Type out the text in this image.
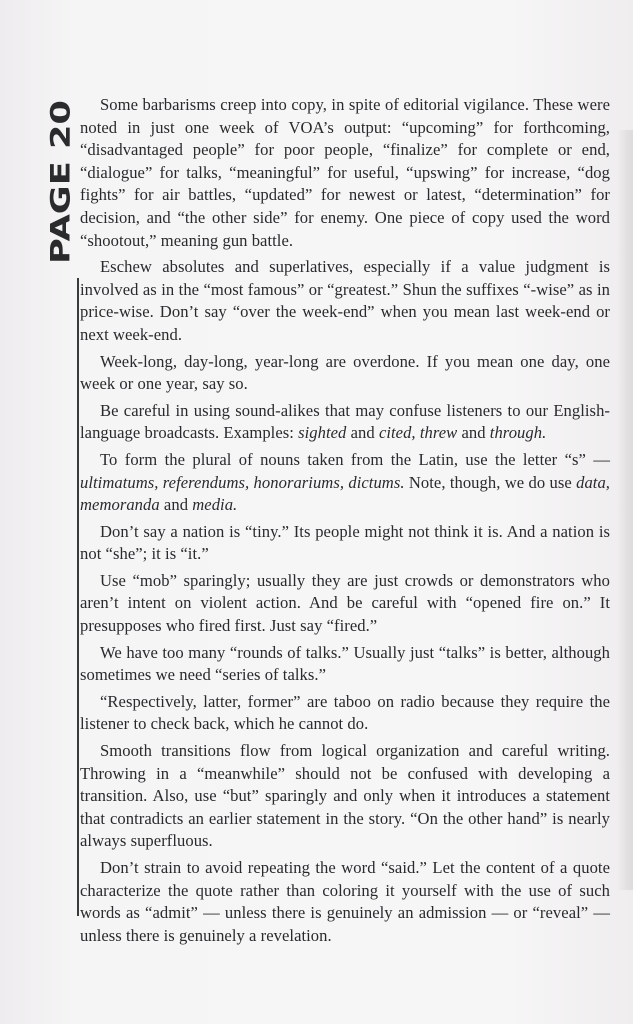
PAGE 20

Some barbarisms creep into copy, in spite of editorial vigilance. These were noted in just one week of VOA’s output: “upcoming” for forthcoming, “disadvantaged people” for poor people, “finalize” for complete or end, “dialogue” for talks, “meaningful” for useful, “upswing” for increase, “dog fights” for air battles, “updated” for newest or latest, “determination” for decision, and “the other side” for enemy. One piece of copy used the word “shootout,” meaning gun battle.

Eschew absolutes and superlatives, especially if a value judgment is involved as in the “most famous” or “greatest.” Shun the suffixes “-wise” as in price-wise. Don’t say “over the week-end” when you mean last week-end or next week-end.

Week-long, day-long, year-long are overdone. If you mean one day, one week or one year, say so.

Be careful in using sound-alikes that may confuse listeners to our English-language broadcasts. Examples: sighted and cited, threw and through.

To form the plural of nouns taken from the Latin, use the letter “s” — ultimatums, referendums, honorariums, dictums. Note, though, we do use data, memoranda and media.

Don’t say a nation is “tiny.” Its people might not think it is. And a nation is not “she”; it is “it.”

Use “mob” sparingly; usually they are just crowds or demonstrators who aren’t intent on violent action. And be careful with “opened fire on.” It presupposes who fired first. Just say “fired.”

We have too many “rounds of talks.” Usually just “talks” is better, although sometimes we need “series of talks.”

“Respectively, latter, former” are taboo on radio because they require the listener to check back, which he cannot do.

Smooth transitions flow from logical organization and careful writing. Throwing in a “meanwhile” should not be confused with developing a transition. Also, use “but” sparingly and only when it introduces a statement that contradicts an earlier statement in the story. “On the other hand” is nearly always superfluous.

Don’t strain to avoid repeating the word “said.” Let the content of a quote characterize the quote rather than coloring it yourself with the use of such words as “admit” — unless there is genuinely an admission — or “reveal” — unless there is genuinely a revelation.
